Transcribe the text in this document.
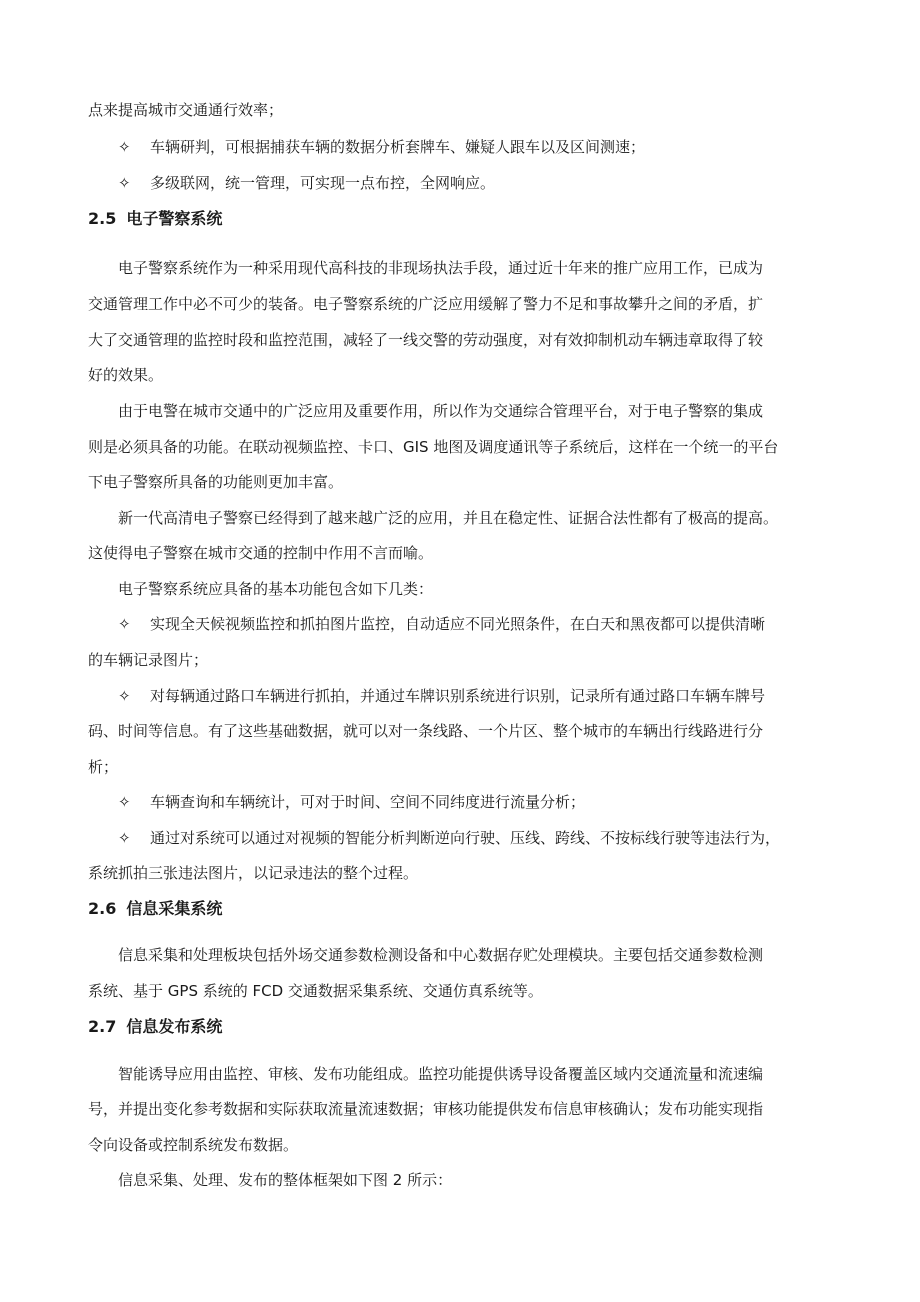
点来提高城市交通通行效率；
✧ 车辆研判，可根据捕获车辆的数据分析套牌车、嫌疑人跟车以及区间测速；
✧ 多级联网，统一管理，可实现一点布控，全网响应。
2.5 电子警察系统
电子警察系统作为一种采用现代高科技的非现场执法手段，通过近十年来的推广应用工作，已成为
交通管理工作中必不可少的装备。电子警察系统的广泛应用缓解了警力不足和事故攀升之间的矛盾，扩
大了交通管理的监控时段和监控范围，减轻了一线交警的劳动强度，对有效抑制机动车辆违章取得了较
好的效果。
由于电警在城市交通中的广泛应用及重要作用，所以作为交通综合管理平台，对于电子警察的集成
则是必须具备的功能。在联动视频监控、卡口、GIS 地图及调度通讯等子系统后，这样在一个统一的平台
下电子警察所具备的功能则更加丰富。
新一代高清电子警察已经得到了越来越广泛的应用，并且在稳定性、证据合法性都有了极高的提高。
这使得电子警察在城市交通的控制中作用不言而喻。
电子警察系统应具备的基本功能包含如下几类：
✧ 实现全天候视频监控和抓拍图片监控，自动适应不同光照条件，在白天和黑夜都可以提供清晰
的车辆记录图片；
✧ 对每辆通过路口车辆进行抓拍，并通过车牌识别系统进行识别，记录所有通过路口车辆车牌号
码、时间等信息。有了这些基础数据，就可以对一条线路、一个片区、整个城市的车辆出行线路进行分
析；
✧ 车辆查询和车辆统计，可对于时间、空间不同纬度进行流量分析；
✧ 通过对系统可以通过对视频的智能分析判断逆向行驶、压线、跨线、不按标线行驶等违法行为，
系统抓拍三张违法图片，以记录违法的整个过程。
2.6 信息采集系统
信息采集和处理板块包括外场交通参数检测设备和中心数据存贮处理模块。主要包括交通参数检测
系统、基于 GPS 系统的 FCD 交通数据采集系统、交通仿真系统等。
2.7 信息发布系统
智能诱导应用由监控、审核、发布功能组成。监控功能提供诱导设备覆盖区域内交通流量和流速编
号，并提出变化参考数据和实际获取流量流速数据；审核功能提供发布信息审核确认；发布功能实现指
令向设备或控制系统发布数据。
信息采集、处理、发布的整体框架如下图 2 所示：
